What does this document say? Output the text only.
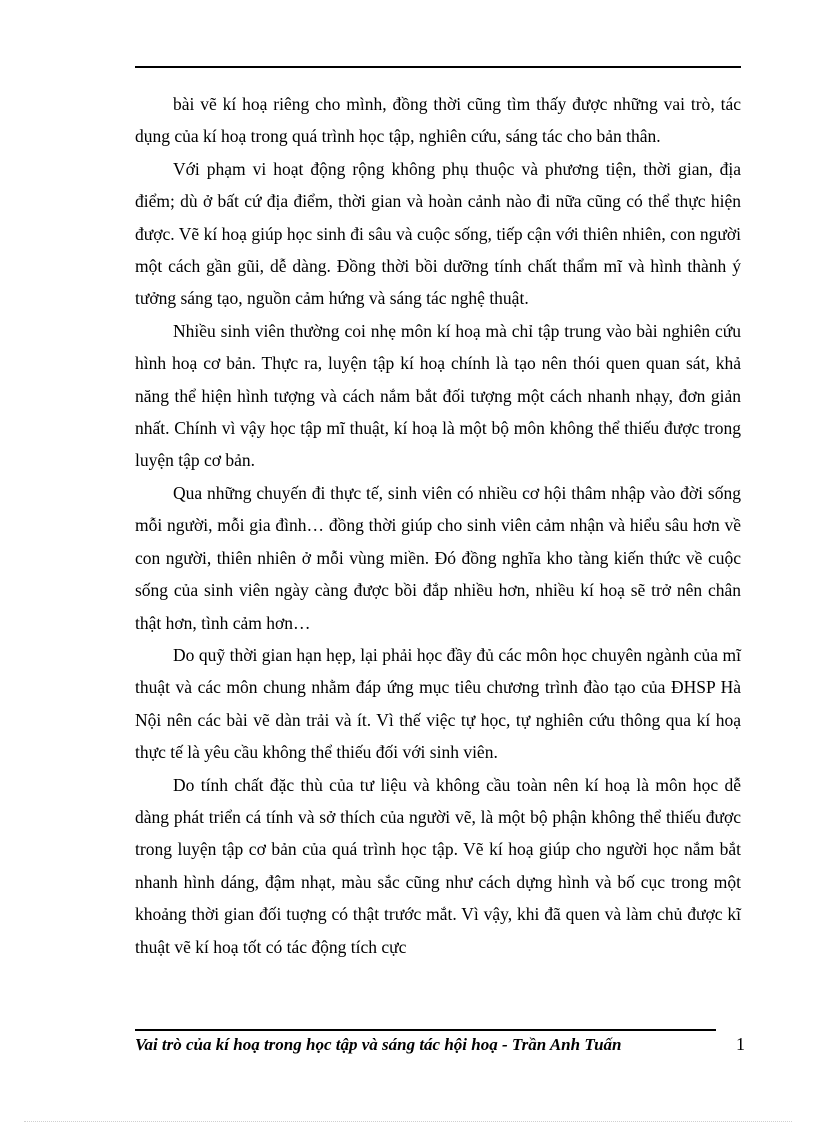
bài vẽ kí hoạ riêng cho mình, đồng thời cũng tìm thấy được những vai trò, tác dụng của kí hoạ trong quá trình học tập, nghiên cứu, sáng tác cho bản thân.

Với phạm vi hoạt động rộng không phụ thuộc và phương tiện, thời gian, địa điểm; dù ở bất cứ địa điểm, thời gian và hoàn cảnh nào đi nữa cũng có thể thực hiện được. Vẽ kí hoạ giúp học sinh đi sâu và cuộc sống, tiếp cận với thiên nhiên, con người một cách gần gũi, dễ dàng. Đồng thời bồi dưỡng tính chất thẩm mĩ và hình thành ý tưởng sáng tạo, nguồn cảm hứng và sáng tác nghệ thuật.

Nhiều sinh viên thường coi nhẹ môn kí hoạ mà chỉ tập trung vào bài nghiên cứu hình hoạ cơ bản. Thực ra, luyện tập kí hoạ chính là tạo nên thói quen quan sát, khả năng thể hiện hình tượng và cách nắm bắt đối tượng một cách nhanh nhạy, đơn giản nhất. Chính vì vậy học tập mĩ thuật, kí hoạ là một bộ môn không thể thiếu được trong luyện tập cơ bản.

Qua những chuyến đi thực tế, sinh viên có nhiều cơ hội thâm nhập vào đời sống mỗi người, mỗi gia đình… đồng thời giúp cho sinh viên cảm nhận và hiểu sâu hơn về con người, thiên nhiên ở mỗi vùng miền. Đó đồng nghĩa kho tàng kiến thức về cuộc sống của sinh viên ngày càng được bồi đắp nhiều hơn, nhiều kí hoạ sẽ trở nên chân thật hơn, tình cảm hơn…

Do quỹ thời gian hạn hẹp, lại phải học đầy đủ các môn học chuyên ngành của mĩ thuật và các môn chung nhằm đáp ứng mục tiêu chương trình đào tạo của ĐHSP Hà Nội nên các bài vẽ dàn trải và ít. Vì thế việc tự học, tự nghiên cứu thông qua kí hoạ thực tế là yêu cầu không thể thiếu đối với sinh viên.

Do tính chất đặc thù của tư liệu và không cầu toàn nên kí hoạ là môn học dễ dàng phát triển cá tính và sở thích của người vẽ, là một bộ phận không thể thiếu được trong luyện tập cơ bản của quá trình học tập. Vẽ kí hoạ giúp cho người học nắm bắt nhanh hình dáng, đậm nhạt, màu sắc cũng như cách dựng hình và bố cục trong một khoảng thời gian đối tuợng có thật trước mắt. Vì vậy, khi đã quen và làm chủ được kĩ thuật vẽ kí hoạ tốt có tác động tích cực

Vai trò của kí hoạ trong học tập và sáng tác hội hoạ - Trần Anh Tuấn	1
